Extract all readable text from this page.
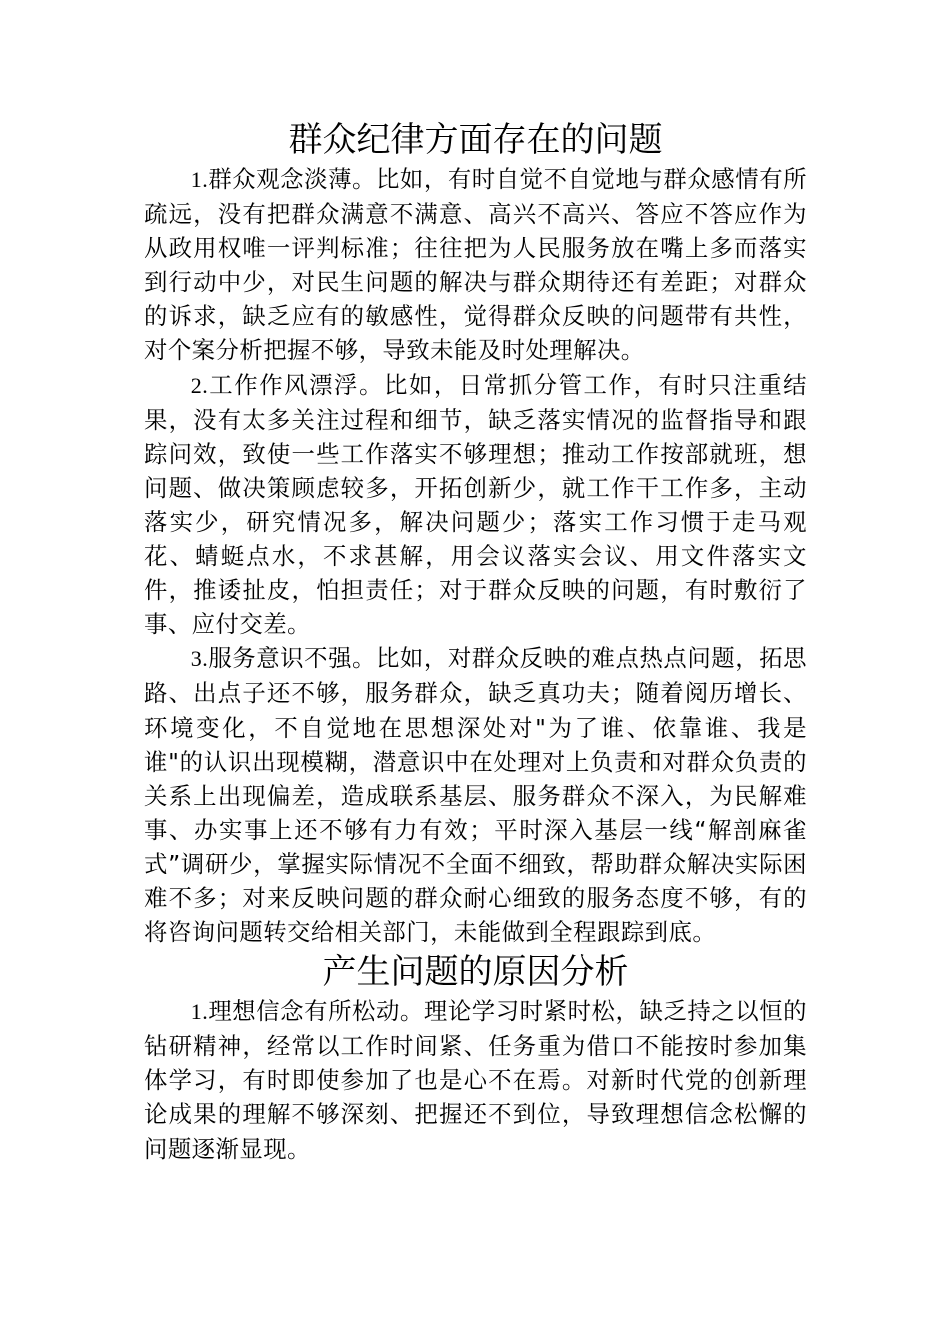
群众纪律方面存在的问题

1.群众观念淡薄。比如，有时自觉不自觉地与群众感情有所疏远，没有把群众满意不满意、高兴不高兴、答应不答应作为从政用权唯一评判标准；往往把为人民服务放在嘴上多而落实到行动中少，对民生问题的解决与群众期待还有差距；对群众的诉求，缺乏应有的敏感性，觉得群众反映的问题带有共性，对个案分析把握不够，导致未能及时处理解决。

2.工作作风漂浮。比如，日常抓分管工作，有时只注重结果，没有太多关注过程和细节，缺乏落实情况的监督指导和跟踪问效，致使一些工作落实不够理想；推动工作按部就班，想问题、做决策顾虑较多，开拓创新少，就工作干工作多，主动落实少，研究情况多，解决问题少；落实工作习惯于走马观花、蜻蜓点水，不求甚解，用会议落实会议、用文件落实文件，推诿扯皮，怕担责任；对于群众反映的问题，有时敷衍了事、应付交差。

3.服务意识不强。比如，对群众反映的难点热点问题，拓思路、出点子还不够，服务群众，缺乏真功夫；随着阅历增长、环境变化，不自觉地在思想深处对"为了谁、依靠谁、我是谁"的认识出现模糊，潜意识中在处理对上负责和对群众负责的关系上出现偏差，造成联系基层、服务群众不深入，为民解难事、办实事上还不够有力有效；平时深入基层一线“解剖麻雀式”调研少，掌握实际情况不全面不细致，帮助群众解决实际困难不多；对来反映问题的群众耐心细致的服务态度不够，有的将咨询问题转交给相关部门，未能做到全程跟踪到底。

产生问题的原因分析

1.理想信念有所松动。理论学习时紧时松，缺乏持之以恒的钻研精神，经常以工作时间紧、任务重为借口不能按时参加集体学习，有时即使参加了也是心不在焉。对新时代党的创新理论成果的理解不够深刻、把握还不到位，导致理想信念松懈的问题逐渐显现。
